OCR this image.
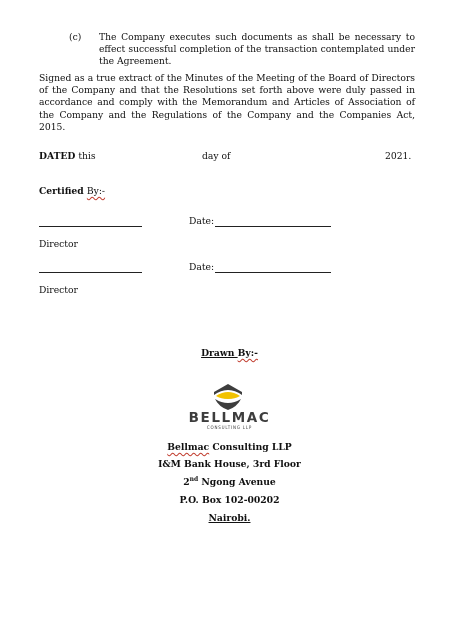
(c) The Company executes such documents as shall be necessary to effect successful completion of the transaction contemplated under the Agreement.
Signed as a true extract of the Minutes of the Meeting of the Board of Directors of the Company and that the Resolutions set forth above were duly passed in accordance and comply with the Memorandum and Articles of Association of the Company and the Regulations of the Company and the Companies Act, 2015.
DATED this	day of	2021.
Certified By:-
Date:
Director
Date:
Director
Drawn By:-
BELLMAC
CONSULTING LLP
Bellmac Consulting LLP
I&M Bank House, 3rd Floor
2nd Ngong Avenue
P.O. Box 102-00202
Nairobi.
